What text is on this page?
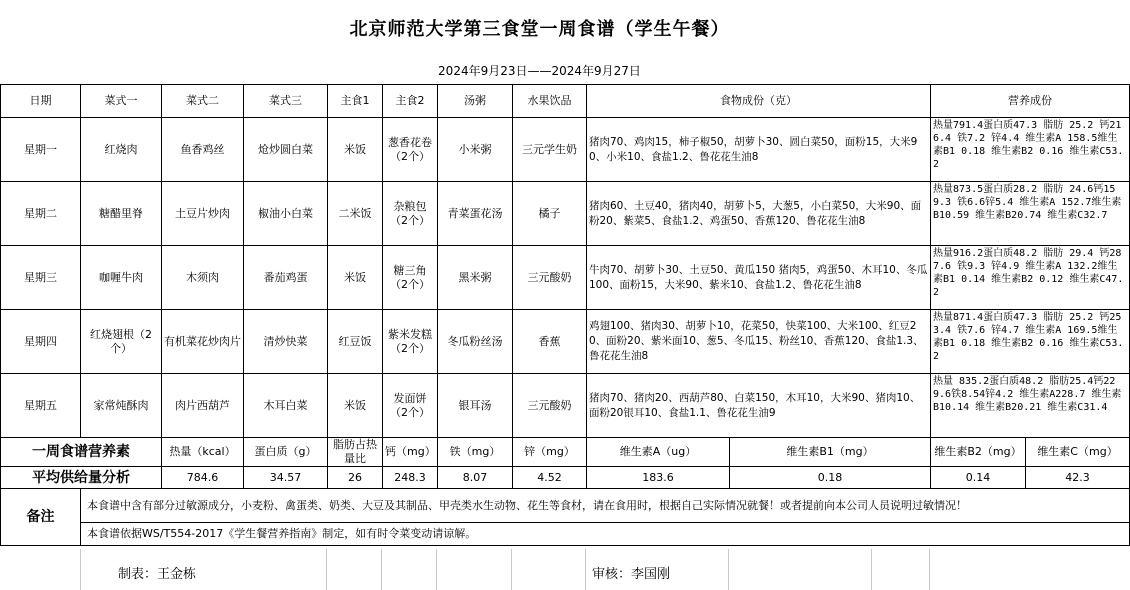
北京师范大学第三食堂一周食谱（学生午餐）
2024年9月23日——2024年9月27日
日期	菜式一	菜式二	菜式三	主食1	主食2	汤粥	水果饮品	食物成份（克）		营养成份	
星期一	红烧肉	鱼香鸡丝	炝炒圆白菜	米饭	葱香花卷（2个）	小米粥	三元学生奶	猪肉70、鸡肉15，柿子椒50，胡萝卜30、圆白菜50，面粉15，大米90、小米10、食盐1.2、鲁花花生油8		热量791.4蛋白质47.3 脂肪 25.2 钙216.4 铁7.2 锌4.4 维生素A 158.5维生素B1 0.18 维生素B2 0.16 维生素C53.2	
星期二	糖醋里脊	土豆片炒肉	椒油小白菜	二米饭	杂粮包（2个）	青菜蛋花汤	橘子	猪肉60、土豆40，猪肉40，胡萝卜5，大葱5，小白菜50，大米90、面粉20、紫菜5、食盐1.2、鸡蛋50、香蕉120、鲁花花生油8		热量873.5蛋白质28.2 脂肪 24.6钙159.3 铁6.6锌5.4 维生素A 152.7维生素B10.59 维生素B20.74 维生素C32.7	
星期三	咖喱牛肉	木须肉	番茄鸡蛋	米饭	糖三角（2个）	黑米粥	三元酸奶	牛肉70、胡萝卜30、土豆50、黄瓜150 猪肉5，鸡蛋50、木耳10、冬瓜100、面粉15，大米90、紫米10、食盐1.2、鲁花花生油8		热量916.2蛋白质48.2 脂肪 29.4 钙287.6 铁9.3 锌4.9 维生素A 132.2维生素B1 0.14 维生素B2 0.12 维生素C47.2	
星期四	红烧翅根（2个）	有机菜花炒肉片	清炒快菜	红豆饭	紫米发糕（2个）	冬瓜粉丝汤	香蕉	鸡翅100、猪肉30、胡萝卜10，花菜50，快菜100、大米100、红豆20、面粉20、紫米面10、葱5、冬瓜15、粉丝10、香蕉120、食盐1.3、鲁花花生油8		热量871.4蛋白质47.3 脂肪 25.2 钙253.4 铁7.6 锌4.7 维生素A 169.5维生素B1 0.18 维生素B2 0.16 维生素C53.2	
星期五	家常炖酥肉	肉片西葫芦	木耳白菜	米饭	发面饼（2个）	银耳汤	三元酸奶	猪肉70、猪肉20、西葫芦80、白菜150，木耳10，大米90、猪肉10、面粉20银耳10、食盐1.1、鲁花花生油9		热量 835.2蛋白质48.2 脂肪25.4钙229.6铁8.54锌4.2 维生素A228.7 维生素B10.14 维生素B20.21 维生素C31.4	
一周食谱营养素		热量（kcal）	蛋白质（g）	脂肪占热量比	钙（mg）	铁（mg）	锌（mg）	维生素A（ug）	维生素B1（mg）	维生素B2（mg）	维生素C（mg）
平均供给量分析		784.6	34.57	26	248.3	8.07	4.52	183.6	0.18	0.14	42.3
备注	本食谱中含有部分过敏源成分，小麦粉、禽蛋类、奶类、大豆及其制品、甲壳类水生动物、花生等食材，请在食用时，根据自己实际情况就餐！或者提前向本公司人员说明过敏情况！										
	本食谱依据WS/T554-2017《学生餐营养指南》制定，如有时令菜变动请谅解。										
制表：王金栋	审核：李国刚
